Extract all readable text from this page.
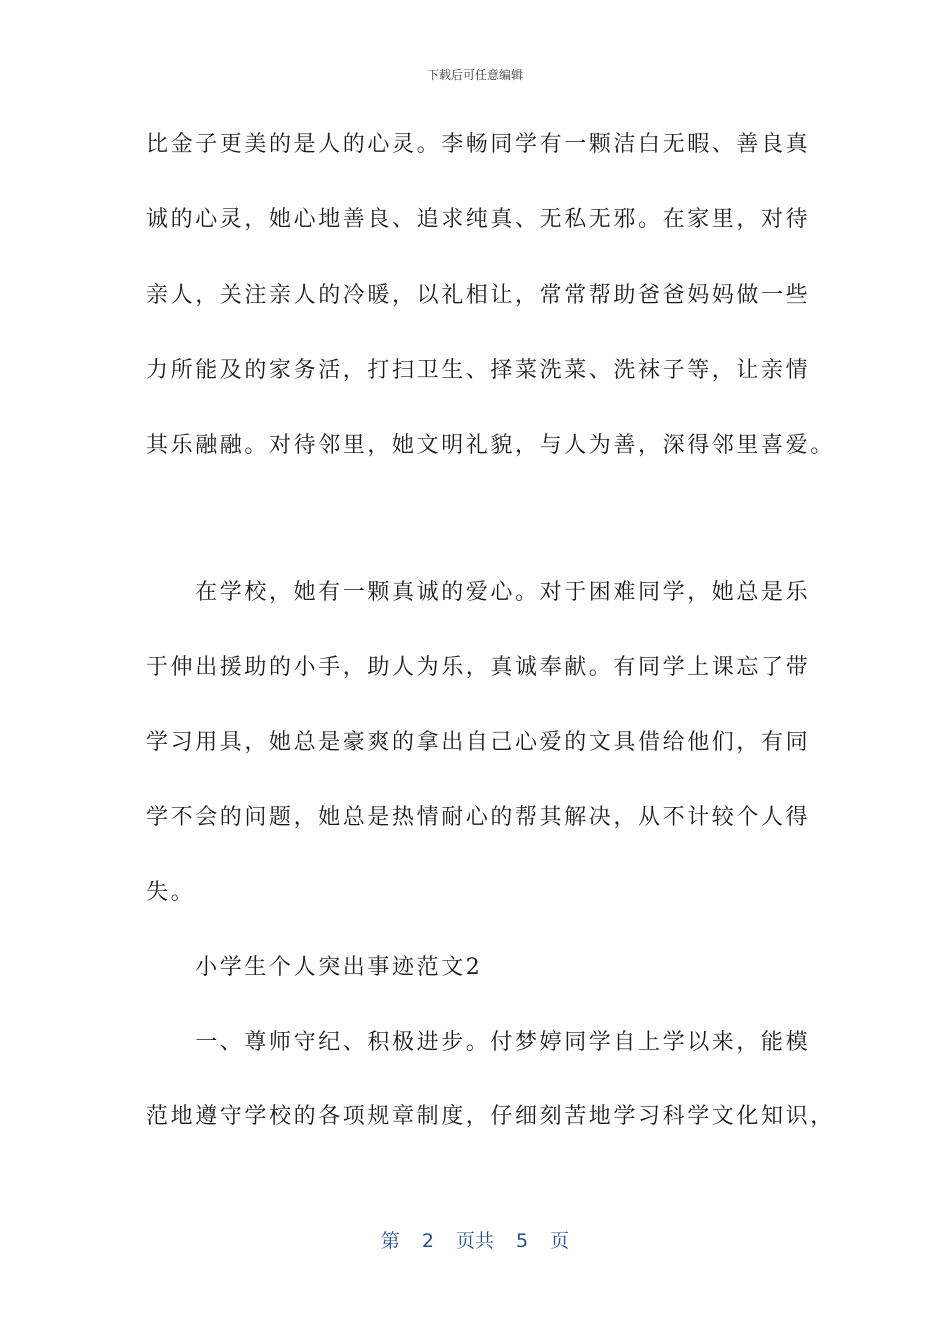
下载后可任意编辑
比金子更美的是人的心灵。李畅同学有一颗洁白无暇、善良真
诚的心灵，她心地善良、追求纯真、无私无邪。在家里，对待
亲人，关注亲人的冷暖，以礼相让，常常帮助爸爸妈妈做一些
力所能及的家务活，打扫卫生、择菜洗菜、洗袜子等，让亲情
其乐融融。对待邻里，她文明礼貌，与人为善，深得邻里喜爱。
　　在学校，她有一颗真诚的爱心。对于困难同学，她总是乐
于伸出援助的小手，助人为乐，真诚奉献。有同学上课忘了带
学习用具，她总是豪爽的拿出自己心爱的文具借给他们，有同
学不会的问题，她总是热情耐心的帮其解决，从不计较个人得
失。
　　小学生个人突出事迹范文2
　　一、尊师守纪、积极进步。付梦婷同学自上学以来，能模
范地遵守学校的各项规章制度，仔细刻苦地学习科学文化知识，
第 2 页共 5 页
